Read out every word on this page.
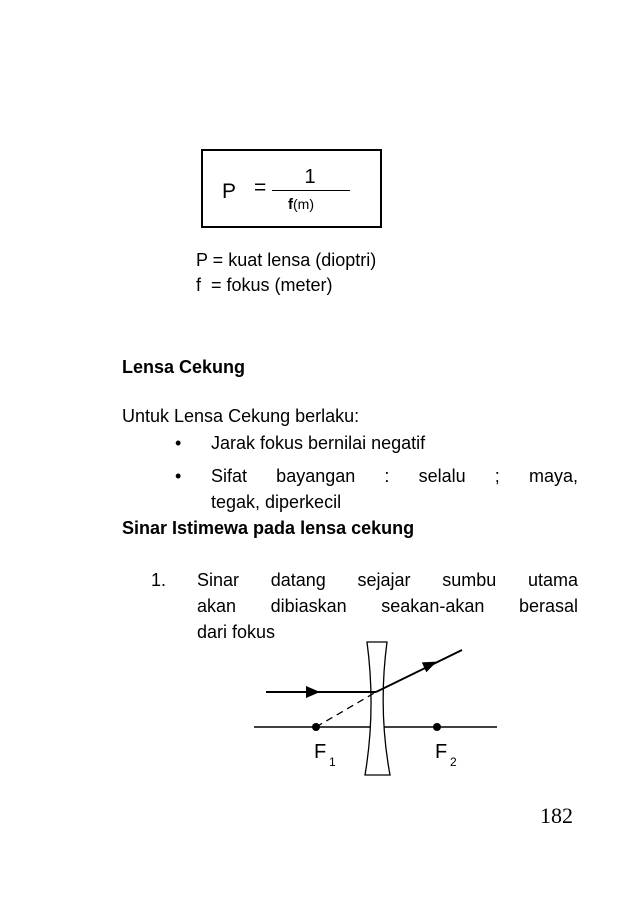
P = 1
f(m)
P = kuat lensa (dioptri)
f  = fokus (meter)
Lensa Cekung
Untuk Lensa Cekung berlaku:
• Jarak fokus bernilai negatif
• Sifat bayangan : selalu ; maya,
tegak, diperkecil
Sinar Istimewa pada lensa cekung
1. Sinar datang sejajar sumbu utama
akan dibiaskan seakan-akan berasal
dari fokus
F 1	F 2
182
